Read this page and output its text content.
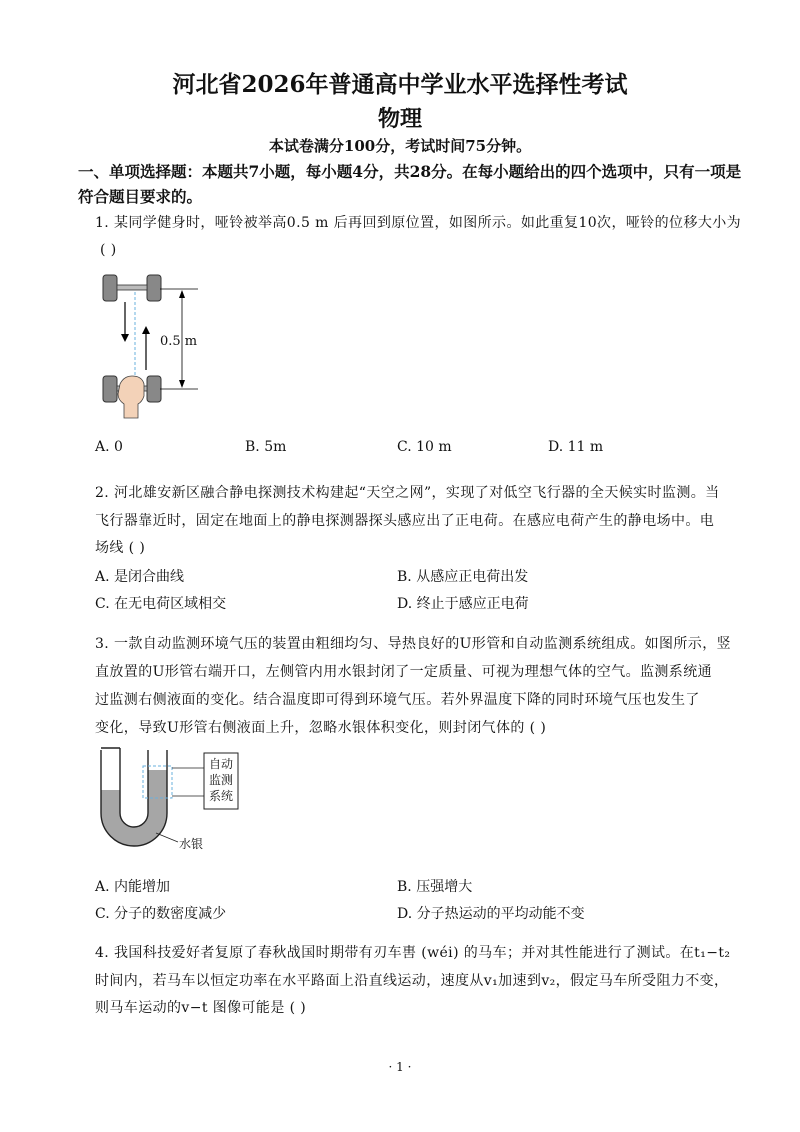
河北省2026年普通高中学业水平选择性考试
物理
本试卷满分100分，考试时间75分钟。
一、单项选择题：本题共7小题，每小题4分，共28分。在每小题给出的四个选项中，只有一项是
符合题目要求的。
1. 某同学健身时，哑铃被举高0.5 m 后再回到原位置，如图所示。如此重复10次，哑铃的位移大小为
( )
0.5 m
A. 0	B. 5m	C. 10 m	D. 11 m
2. 河北雄安新区融合静电探测技术构建起“天空之网”，实现了对低空飞行器的全天候实时监测。当
飞行器靠近时，固定在地面上的静电探测器探头感应出了正电荷。在感应电荷产生的静电场中。电
场线 ( )
A. 是闭合曲线	B. 从感应正电荷出发
C. 在无电荷区域相交	D. 终止于感应正电荷
3. 一款自动监测环境气压的装置由粗细均匀、导热良好的U形管和自动监测系统组成。如图所示，竖
直放置的U形管右端开口，左侧管内用水银封闭了一定质量、可视为理想气体的空气。监测系统通
过监测右侧液面的变化。结合温度即可得到环境气压。若外界温度下降的同时环境气压也发生了
变化，导致U形管右侧液面上升，忽略水银体积变化，则封闭气体的 ( )
自动
监测
系统
水银
A. 内能增加	B. 压强增大
C. 分子的数密度减少	D. 分子热运动的平均动能不变
4. 我国科技爱好者复原了春秋战国时期带有刃车軎 (wéi) 的马车；并对其性能进行了测试。在t₁−t₂
时间内，若马车以恒定功率在水平路面上沿直线运动，速度从v₁加速到v₂，假定马车所受阻力不变，
则马车运动的v−t 图像可能是 ( )
· 1 ·
